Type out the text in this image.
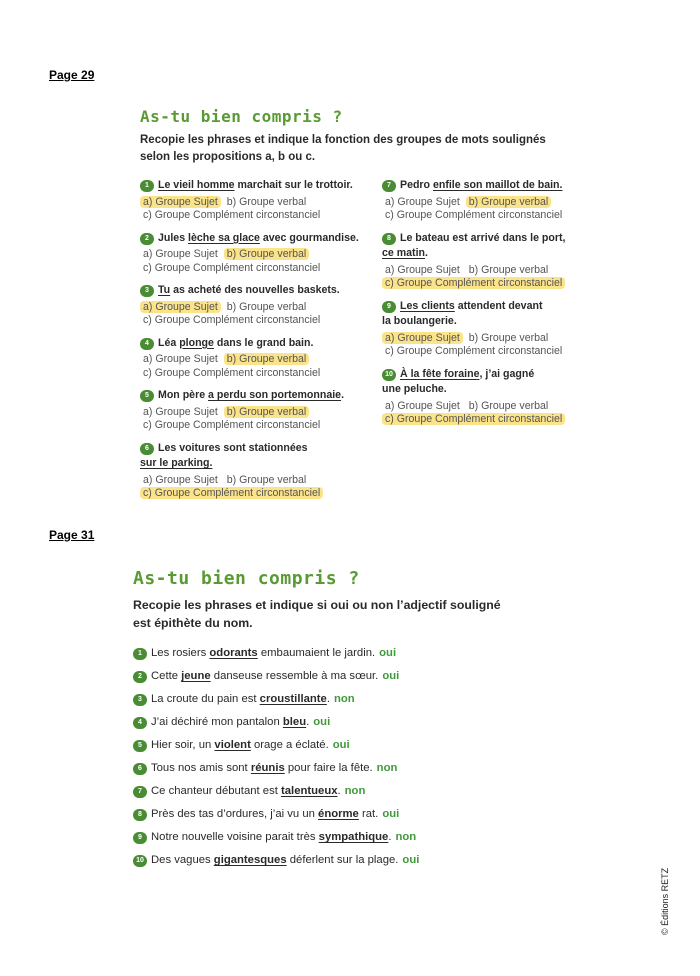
Page 29
As-tu bien compris ?
Recopie les phrases et indique la fonction des groupes de mots soulignés
selon les propositions a, b ou c.
1 Le vieil homme marchait sur le trottoir.
a) Groupe Sujet b) Groupe verbal
c) Groupe Complément circonstanciel
2 Jules lèche sa glace avec gourmandise.
a) Groupe Sujet b) Groupe verbal
c) Groupe Complément circonstanciel
3 Tu as acheté des nouvelles baskets.
a) Groupe Sujet b) Groupe verbal
c) Groupe Complément circonstanciel
4 Léa plonge dans le grand bain.
a) Groupe Sujet b) Groupe verbal
c) Groupe Complément circonstanciel
5 Mon père a perdu son portemonnaie.
a) Groupe Sujet b) Groupe verbal
c) Groupe Complément circonstanciel
6 Les voitures sont stationnées
sur le parking.
a) Groupe Sujet b) Groupe verbal
c) Groupe Complément circonstanciel
7 Pedro enfile son maillot de bain.
a) Groupe Sujet b) Groupe verbal
c) Groupe Complément circonstanciel
8 Le bateau est arrivé dans le port,
ce matin.
a) Groupe Sujet b) Groupe verbal
c) Groupe Complément circonstanciel
9 Les clients attendent devant
la boulangerie.
a) Groupe Sujet b) Groupe verbal
c) Groupe Complément circonstanciel
10 À la fête foraine, j’ai gagné
une peluche.
a) Groupe Sujet b) Groupe verbal
c) Groupe Complément circonstanciel
Page 31
As-tu bien compris ?
Recopie les phrases et indique si oui ou non l’adjectif souligné
est épithète du nom.
1 Les rosiers odorants embaumaient le jardin. oui
2 Cette jeune danseuse ressemble à ma sœur. oui
3 La croute du pain est croustillante. non
4 J’ai déchiré mon pantalon bleu. oui
5 Hier soir, un violent orage a éclaté. oui
6 Tous nos amis sont réunis pour faire la fête. non
7 Ce chanteur débutant est talentueux. non
8 Près des tas d’ordures, j’ai vu un énorme rat. oui
9 Notre nouvelle voisine parait très sympathique. non
10 Des vagues gigantesques déferlent sur la plage. oui
© Éditions RETZ
